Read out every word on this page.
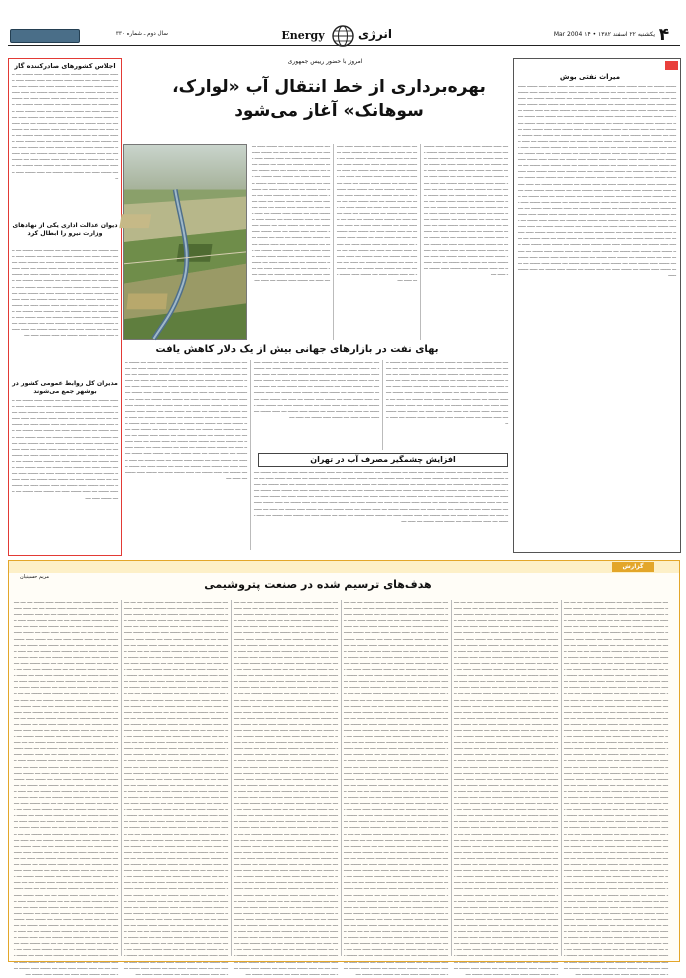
۴
یکشنبه ۲۲ اسفند ۱۳۸۲ • ۱۴ Mar 2004
انرژی
Energy
سال دوم ـ شماره ۳۳۰
میراث نفتی بوش
ــــــــ ــــــــ ــــ ــــــ ــــــــ ــــــ ــــــــ ــــــ ــــــــ ــــــ ــــ ــــــــ ــــــ ــــــ ــــــــ ــــــ ــــــــ ــــ ــــــــ ــــــ ــــــــ ــــــ ــــ ــــــــ ــــــ ــــــــ ــــــ ــــــــ ــــ ــــــــ ــــــ ــــــــ ــــ ــــــ ــــــــ ــــــ ــــــــ ــــ ــــــــ ــــــ ــــ ــــــ ــــــــ ــــ ــــــــ ــــــ ــــــــ ــــ ــــــ ــــــــ ــــــ ــــــ ــــــــ ــــــ ــــــــ ــــ ــــــــ ــــــ ــــــــ ــــــ ــــ ــــــــ ــــــ ــــــــ ــــــ ــــــــ ــــ ــــــــ ــــــ ــــــــ ــــ ــــــ ــــــــ ــــــ ــــــــ ــــ ــــــــ ــــــ ــــ ــــــ ــــــــ ــــ ــــــــ ــــــ ــــــــ ــــ ــــــ ــــــــ ــــــ ــــــ ــــــــ ــــــ ــــــــ ــــ ــــــــ ــــــ ــــــــ ــــــ ــــ ــــــــ ــــــ ــــــــ ــــــ ــــــــ ــــ ــــــــ ــــــ ــــــــ ــــ ــــــ ــــــــ ــــــ ــــــــ ــــ ــــــــ ــــــ ــــ ــــــ ــــــــ ــــ ــــــــ ــــــ ــــــــ ــــ ــــــ ــــــــ ــــــ ــــــ ــــــــ ــــــ ــــــــ ــــ ــــــــ ــــــ ــــــــ ــــــ ــــ ــــــــ ــــــ ــــــــ ــــــ ــــــــ ــــ ــــــــ ــــــ ــــــــ ــــ ــــــ ــــــــ ــــــ ــــــــ ــــ ــــــــ ــــــ ــــ ــــــ ــــــــ ــــ ــــــــ ــــــ ــــــــ ــــ ــــــ ــــــــ ــــــ ــــــ ــــــــ ــــــ ــــــــ ــــ ــــــــ ــــــ ــــــــ ــــــ ــــ ــــــــ ــــــ ــــــــ ــــــ ــــــــ ــــ ــــــــ ــــــ ــــــــ ــــ ــــــ ــــــــ ــــــ ــــــــ ــــ ــــــــ ــــــ ــــ ــــــ ــــــــ ــــ ــــــــ ــــــ ــــــــ ــــ ــــــ ــــــــ ــــــ ــــــ ــــــــ ــــــ ــــــــ ــــ ــــــــ ــــــ ــــــــ ــــــ ــــ ــــــــ ــــــ ــــــــ ــــــ ــــــــ ــــ ــــــــ ــــــ ــــــــ ــــ ــــــ ــــــــ ــــــ ــــــــ ــــ ــــــــ ــــــ ــــ ــــــ ــــــــ ــــ ــــــــ ــــــ ــــــــ ــــ ــــــ ــــــــ ــــــ ــــــ ــــــــ ــــــ ــــــــ ــــ ــــــــ ــــــ ــــــــ ــــــ ــــ ــــــــ ــــــ ــــــــ ــــــ ــــــــ ــــ ــــــــ ــــــ ــــــــ ــــ ــــــ ــــــــ ــــــ ــــــــ ــــ ــــــــ ــــــ ــــ ــــــ ــــــــ ــــ ــــــــ ــــــ ــــــــ ــــ ــــــ ــــــــ ــــــ ــــــ ــــــــ ــــــ ــــــــ ــــ ــــــــ ــــــ ــــــــ ــــــ ــــ ــــــــ ــــــ ــــــــ ــــــ ــــــــ ــــ ــــــــ ــــــ ــــــــ ــــ ــــــ ــــــــ ــــــ ــــــــ ــــ ــــــــ ــــــ ــــ ــــــ ــــــــ ــــ ــــــــ ــــــ ــــــــ ــــ ــــــ ــــــــ ــــــ ــــــ ــــــــ ــــــ ــــــــ ــــ ــــــــ ــــــ ــــــــ ــــــ ــــ ــــــــ ــــــ ــــــــ ــــــ ــــــــ ــــ ــــــــ ــــــ ــــــــ ــــ ــــــ ــــــــ ــــــ ــــــــ ــــ ــــــــ ــــــ ــــ ــــــ ــــــــ ــــ ــــــــ ــــــ ــــــــ ــــ ــــــ ــــــــ ــــــ ــــــ ــــــــ ــــــ ــــــــ ــــ ــــــــ ــــــ ــــــــ ــــــ ــــ ــــــــ ــــــ ــــــــ ــــــ ــــــــ ــــ ــــــــ ــــــ ــــــــ ــــ ــــــ ــــــــ ــــــ ــــــــ ــــ ــــــــ ــــــ ــــ ــــــ ــــــــ ــــ ــــــــ ــــــ ــــــــ ــــ ــــــ ــــــــ ــــــ ــــــ ــــــــ ــــــ ــــــــ ــــ ــــــــ ــــــ ــــــــ ــــــ ــــ ــــــــ ــــــ ــــــــ ــــــ ــــــــ ــــ ــــــــ ــــــ ــــــــ ــــ ــــــ ــــــــ ــــــ ــــــــ ــــ ــــــــ ــــــ ــــ ــــــ ــــــــ ــــ ــــــــ ــــــ ــــــــ ــــ ــــــ ــــــــ ــــــ ــــــ ــــــــ ــــــ ــــــــ ــــ ــــــــ ــــــ ــــــــ ــــــ ــــ ــــــــ ــــــ ــــــــ ــــــ ــــــــ ــــ ــــــــ ــــــ ــــــــ ــــ ــــــ ــــــــ ــــــ ــــــــ ــــ ــــــــ ــــــ ــــ ــــــ ــــــــ ــــ ــــــــ ــــــ ــــــــ ــــ ــــــ ــــــــ ــــــ ــــــ ــــــــ ــــــ ــــــــ ــــ ــــــــ ــــــ ــــــــ ــــــ ــــ ــــــــ ــــــ ــــــــ ــــــ ــــــــ ــــ ــــــــ ــــــ ــــــــ ــــ ــــــ ــــــــ ــــــ ــــــــ ــــ ــــــــ ــــــ ــــ ــــــ ــــــــ ــــ ــــــــ ــــــ ــــــــ ــــ ــــــ ــــــــ ــــــ
اجلاس کشورهای صادرکننده گاز
ــــــ ــــــــ ــــ ــــــ ــــــــ ــــــ ــــ ــــــــ ــــــ ــــــــ ــــ ــــــ ــــــــ ــــــ ــــ ــــــــ ــــــ ــــــــ ــــ ــــــ ــــــــ ــــــ ــــ ــــــــ ــــــ ــــــــ ــــ ــــــ ــــــــ ــــــ ــــ ــــــــ ــــــ ــــــــ ــــ ــــــ ــــــــ ــــــ ــــ ــــــــ ــــــ ــــــــ ــــ ــــــ ــــــــ ــــــ ــــ ــــــــ ــــــ ــــــــ ــــ ــــــ ــــــــ ــــــ ــــ ــــــــ ــــــ ــــــــ ــــ ــــــ ــــــــ ــــــ ــــ ــــــــ ــــــ ــــــــ ــــ ــــــ ــــــــ ــــــ ــــ ــــــــ ــــــ ــــــــ ــــ ــــــ ــــــــ ــــــ ــــ ــــــــ ــــــ ــــــــ ــــ ــــــ ــــــــ ــــــ ــــ ــــــــ ــــــ ــــــــ ــــ ــــــ ــــــــ ــــــ ــــ ــــــــ ــــــ ــــــــ ــــ ــــــ ــــــــ ــــــ ــــ ــــــــ ــــــ ــــــــ ــــ ــــــ ــــــــ ــــــ ــــ ــــــــ ــــــ ــــــــ ــــ ــــــ ــــــــ ــــــ ــــ ــــــــ ــــــ ــــــــ ــــ ــــــ ــــــــ ــــــ ــــ ــــــــ ــــــ ــــــــ ــــ ــــــ ــــــــ ــــــ ــــ ــــــــ ــــــ ــــــــ ــــ ــــــ ــــــــ ــــــ ــــ ــــــــ ــــــ ــــــــ ــــ ــــــ ــــــــ ــــــ ــــ ــــــــ ــــــ ــــــــ ــــ ــــــ ــــــــ ــــــ ــــ ــــــــ ــــــ ــــــــ ــــ ــــــ ــــــــ ــــــ ــــ ــــــــ ــــــ ــــــــ ــــ ــــــ ــــــــ ــــــ ــــ ــــــــ ــــــ ــــــــ ــــ ــــــ ــــــــ ــــــ ــــ ــــــــ ــــــ ــــــــ ــــ ــــــ ــــــــ ــــــ ــــ
دیوان عدالت اداری یکی از نهادهای وزارت نیرو را ابطال کرد
ــــــ ــــــــ ــــ ــــــ ــــــــ ــــــ ــــ ــــــــ ــــــ ــــــــ ــــ ــــــ ــــــــ ــــــ ــــ ــــــــ ــــــ ــــــــ ــــ ــــــ ــــــــ ــــــ ــــ ــــــــ ــــــ ــــــــ ــــ ــــــ ــــــــ ــــــ ــــ ــــــــ ــــــ ــــــــ ــــ ــــــ ــــــــ ــــــ ــــ ــــــــ ــــــ ــــــــ ــــ ــــــ ــــــــ ــــــ ــــ ــــــــ ــــــ ــــــــ ــــ ــــــ ــــــــ ــــــ ــــ ــــــــ ــــــ ــــــــ ــــ ــــــ ــــــــ ــــــ ــــ ــــــــ ــــــ ــــــــ ــــ ــــــ ــــــــ ــــــ ــــ ــــــــ ــــــ ــــــــ ــــ ــــــ ــــــــ ــــــ ــــ ــــــــ ــــــ ــــــــ ــــ ــــــ ــــــــ ــــــ ــــ ــــــــ ــــــ ــــــــ ــــ ــــــ ــــــــ ــــــ ــــ ــــــــ ــــــ ــــــــ ــــ ــــــ ــــــــ ــــــ ــــ ــــــــ ــــــ ــــــــ ــــ ــــــ ــــــــ ــــــ ــــ ــــــــ ــــــ ــــــــ ــــ ــــــ ــــــــ ــــــ ــــ ــــــــ ــــــ ــــــــ ــــ ــــــ ــــــــ ــــــ ــــ ــــــــ ــــــ ــــــــ ــــ ــــــ ــــــــ ــــــ ــــ ــــــــ ــــــ ــــــــ ــــ ــــــ ــــــــ ــــــ ــــ ــــــــ ــــــ ــــــــ ــــ ــــــ ــــــــ ــــــ ــــ ــــــــ ــــــ ــــــــ ــــ ــــــ ــــــــ ــــــ ــــ ــــــــ ــــــ ــــــــ ــــ ــــــ ــــــــ ــــــ ــــ
مدیران کل روابط عمومی کشور در بوشهر جمع می‌شوند
ــــــ ــــــــ ــــ ــــــ ــــــــ ــــــ ــــ ــــــــ ــــــ ــــــــ ــــ ــــــ ــــــــ ــــــ ــــ ــــــــ ــــــ ــــــــ ــــ ــــــ ــــــــ ــــــ ــــ ــــــــ ــــــ ــــــــ ــــ ــــــ ــــــــ ــــــ ــــ ــــــــ ــــــ ــــــــ ــــ ــــــ ــــــــ ــــــ ــــ ــــــــ ــــــ ــــــــ ــــ ــــــ ــــــــ ــــــ ــــ ــــــــ ــــــ ــــــــ ــــ ــــــ ــــــــ ــــــ ــــ ــــــــ ــــــ ــــــــ ــــ ــــــ ــــــــ ــــــ ــــ ــــــــ ــــــ ــــــــ ــــ ــــــ ــــــــ ــــــ ــــ ــــــــ ــــــ ــــــــ ــــ ــــــ ــــــــ ــــــ ــــ ــــــــ ــــــ ــــــــ ــــ ــــــ ــــــــ ــــــ ــــ ــــــــ ــــــ ــــــــ ــــ ــــــ ــــــــ ــــــ ــــ ــــــــ ــــــ ــــــــ ــــ ــــــ ــــــــ ــــــ ــــ ــــــــ ــــــ ــــــــ ــــ ــــــ ــــــــ ــــــ ــــ ــــــــ ــــــ ــــــــ ــــ ــــــ ــــــــ ــــــ ــــ ــــــــ ــــــ ــــــــ ــــ ــــــ ــــــــ ــــــ ــــ ــــــــ ــــــ ــــــــ ــــ ــــــ ــــــــ ــــــ ــــ ــــــــ ــــــ ــــــــ ــــ ــــــ ــــــــ ــــــ ــــ ــــــــ ــــــ ــــــــ ــــ ــــــ ــــــــ ــــــ ــــ ــــــــ ــــــ ــــــــ ــــ ــــــ ــــــــ ــــــ ــــ ــــــــ ــــــ ــــــــ ــــ ــــــ ــــــــ ــــــ ــــ ــــــــ ــــــ ــــــــ ــــ ــــــ ــــــــ ــــــ ــــ ــــــــ ــــــ ــــــــ ــــ ــــــ ــــــــ ــــــ ــــ
امروز با حضور رییس جمهوری
بهره‌برداری از خط انتقال آب «لوارک، سوهانک» آغاز می‌شود
ــــ ــــــ ــــــــ ــــــ ــــــ ــــ ــــــــ ــــــ ــــــــ ــــ ــــــ ــــ ــــــــ ــــــ ــــ ــــــــ ــــــ ــــــــ ــــ ــــــ ــــــــ ــــ ــــــ ــــــــ ــــــ ــــ ــــــــ ــــــ ــــــــ ــــ ــــــ ــــ ــــــــ ــــــ ــــ ــــــــ ــــــ ــــــــ ــــ ــــــ ــــــــ ــــ ــــــ ــــــــ ــــــ ــــ ــــــــ ــــــ ــــــــ ــــ ــــــ ــــ ــــــــ ــــــ ــــ ــــــــ ــــــ ــــــــ ــــ ــــــ ــــــــ ــــ ــــــ ــــــــ ــــــ ــــ ــــــــ ــــــ ــــــــ ــــ ــــــ ــــ ــــــــ ــــــ ــــ ــــــــ ــــــ ــــــــ ــــ ــــــ ــــــــ ــــ ــــــ ــــــــ ــــــ ــــ ــــــــ ــــــ ــــــــ ــــ ــــــ ــــ ــــــــ ــــــ ــــ ــــــــ ــــــ ــــــــ ــــ ــــــ ــــــــ ــــ ــــــ ــــــــ ــــــ ــــ ــــــــ ــــــ ــــــــ ــــ ــــــ ــــ ــــــــ ــــــ ــــ ــــــــ ــــــ ــــــــ ــــ ــــــ ــــــــ ــــ ــــــ ــــــــ ــــــ ــــ ــــــــ ــــــ ــــــــ ــــ ــــــ ــــ ــــــــ ــــــ ــــ ــــــــ ــــــ ــــــــ ــــ ــــــ ــــــــ ــــ ــــــ ــــــــ ــــــ ــــ ــــــــ ــــــ ــــــــ ــــ ــــــ ــــ ــــــــ ــــــ ــــ ــــــــ ــــــ ــــــــ ــــ ــــــ ــــــــ ــــ ــــــ ــــــــ ــــــ ــــ ــــــــ ــــــ ــــــــ ــــ ــــــ ــــ ــــــــ ــــــ ــــ ــــــــ ــــــ ــــــــ ــــ ــــــ ــــــــ ــــ ــــــ ــــــــ ــــــ ــــ ــــــــ ــــــ ــــــــ ــــ ــــــ ــــ
ــــ ــــــ ــــــــ ــــــ ــــــ ــــ ــــــــ ــــــ ــــــــ ــــ ــــــ ــــ ــــــــ ــــــ ــــ ــــــــ ــــــ ــــــــ ــــ ــــــ ــــــــ ــــ ــــــ ــــــــ ــــــ ــــ ــــــــ ــــــ ــــــــ ــــ ــــــ ــــ ــــــــ ــــــ ــــ ــــــــ ــــــ ــــــــ ــــ ــــــ ــــــــ ــــ ــــــ ــــــــ ــــــ ــــ ــــــــ ــــــ ــــــــ ــــ ــــــ ــــ ــــــــ ــــــ ــــ ــــــــ ــــــ ــــــــ ــــ ــــــ ــــــــ ــــ ــــــ ــــــــ ــــــ ــــ ــــــــ ــــــ ــــــــ ــــ ــــــ ــــ ــــــــ ــــــ ــــ ــــــــ ــــــ ــــــــ ــــ ــــــ ــــــــ ــــ ــــــ ــــــــ ــــــ ــــ ــــــــ ــــــ ــــــــ ــــ ــــــ ــــ ــــــــ ــــــ ــــ ــــــــ ــــــ ــــــــ ــــ ــــــ ــــــــ ــــ ــــــ ــــــــ ــــــ ــــ ــــــــ ــــــ ــــــــ ــــ ــــــ ــــ ــــــــ ــــــ ــــ ــــــــ ــــــ ــــــــ ــــ ــــــ ــــــــ ــــ ــــــ ــــــــ ــــــ ــــ ــــــــ ــــــ ــــــــ ــــ ــــــ ــــ ــــــــ ــــــ ــــ ــــــــ ــــــ ــــــــ ــــ ــــــ ــــــــ ــــ ــــــ ــــــــ ــــــ ــــ ــــــــ ــــــ ــــــــ ــــ ــــــ ــــ ــــــــ ــــــ ــــ ــــــــ ــــــ ــــــــ ــــ ــــــ ــــــــ ــــ ــــــ ــــــــ ــــــ ــــ ــــــــ ــــــ ــــــــ ــــ ــــــ ــــ ــــــــ ــــــ ــــ ــــــــ ــــــ ــــــــ ــــ ــــــ ــــــــ ــــ ــــــ ــــــــ ــــــ ــــ ــــــــ ــــــ ــــــــ ــــ ــــــ ــــ
ــــ ــــــ ــــــــ ــــــ ــــــ ــــ ــــــــ ــــــ ــــــــ ــــ ــــــ ــــ ــــــــ ــــــ ــــ ــــــــ ــــــ ــــــــ ــــ ــــــ ــــــــ ــــ ــــــ ــــــــ ــــــ ــــ ــــــــ ــــــ ــــــــ ــــ ــــــ ــــ ــــــــ ــــــ ــــ ــــــــ ــــــ ــــــــ ــــ ــــــ ــــــــ ــــ ــــــ ــــــــ ــــــ ــــ ــــــــ ــــــ ــــــــ ــــ ــــــ ــــ ــــــــ ــــــ ــــ ــــــــ ــــــ ــــــــ ــــ ــــــ ــــــــ ــــ ــــــ ــــــــ ــــــ ــــ ــــــــ ــــــ ــــــــ ــــ ــــــ ــــ ــــــــ ــــــ ــــ ــــــــ ــــــ ــــــــ ــــ ــــــ ــــــــ ــــ ــــــ ــــــــ ــــــ ــــ ــــــــ ــــــ ــــــــ ــــ ــــــ ــــ ــــــــ ــــــ ــــ ــــــــ ــــــ ــــــــ ــــ ــــــ ــــــــ ــــ ــــــ ــــــــ ــــــ ــــ ــــــــ ــــــ ــــــــ ــــ ــــــ ــــ ــــــــ ــــــ ــــ ــــــــ ــــــ ــــــــ ــــ ــــــ ــــــــ ــــ ــــــ ــــــــ ــــــ ــــ ــــــــ ــــــ ــــــــ ــــ ــــــ ــــ ــــــــ ــــــ ــــ ــــــــ ــــــ ــــــــ ــــ ــــــ ــــــــ ــــ ــــــ ــــــــ ــــــ ــــ ــــــــ ــــــ ــــــــ ــــ ــــــ ــــ ــــــــ ــــــ ــــ ــــــــ ــــــ ــــــــ ــــ ــــــ ــــــــ ــــ ــــــ ــــــــ ــــــ ــــ ــــــــ ــــــ ــــــــ ــــ ــــــ ــــ ــــــــ ــــــ ــــ ــــــــ ــــــ ــــــــ ــــ ــــــ ــــــــ ــــ ــــــ ــــــــ ــــــ ــــ ــــــــ ــــــ ــــــــ ــــ ــــــ ــــ
بهای نفت در بازارهای جهانی بیش از یک دلار کاهش یافت
ــــ ــــــ ــــــــ ــــــ ــــــ ــــ ــــــــ ــــــ ــــــــ ــــ ــــــ ــــ ــــــــ ــــــ ــــ ــــــــ ــــــ ــــــــ ــــ ــــــ ــــــــ ــــ ــــــ ــــــــ ــــــ ــــ ــــــــ ــــــ ــــــــ ــــ ــــــ ــــ ــــــــ ــــــ ــــ ــــــــ ــــــ ــــــــ ــــ ــــــ ــــــــ ــــ ــــــ ــــــــ ــــــ ــــ ــــــــ ــــــ ــــــــ ــــ ــــــ ــــ ــــــــ ــــــ ــــ ــــــــ ــــــ ــــــــ ــــ ــــــ ــــــــ ــــ ــــــ ــــــــ ــــــ ــــ ــــــــ ــــــ ــــــــ ــــ ــــــ ــــ ــــــــ ــــــ ــــ ــــــــ ــــــ ــــــــ ــــ ــــــ ــــــــ ــــ ــــــ ــــــــ ــــــ ــــ ــــــــ ــــــ ــــــــ ــــ ــــــ ــــ ــــــــ ــــــ ــــ ــــــــ ــــــ ــــــــ ــــ ــــــ ــــــــ ــــ ــــــ ــــــــ ــــــ ــــ ــــــــ ــــــ ــــــــ ــــ ــــــ ــــ ــــــــ ــــــ ــــ ــــــــ ــــــ ــــــــ ــــ ــــــ ــــــــ ــــ ــــــ ــــــــ ــــــ ــــ ــــــــ ــــــ ــــــــ ــــ ــــــ ــــ ــــــــ ــــــ ــــ ــــــــ ــــــ ــــــــ ــــ ــــــ ــــــــ ــــ ــــــ ــــــــ ــــــ ــــ ــــــــ ــــــ ــــــــ ــــ ــــــ ــــ ــــــــ ــــــ ــــ ــــــــ ــــــ ــــــــ ــــ ــــــ ــــــــ ــــ ــــــ ــــــــ ــــــ ــــ ــــــــ ــــــ ــــــــ ــــ ــــــ ــــ ــــــــ ــــــ ــــ ــــــــ ــــــ ــــــــ ــــ ــــــ ــــــــ ــــ ــــــ ــــــــ ــــــ ــــ ــــــــ ــــــ ــــــــ ــــ ــــــ ــــ ــــــــ ــــــ ــــ ــــــــ ــــــ ــــــــ ــــ ــــــ ــــــــ ــــ ــــــ ــــــــ ــــــ ــــ ــــــــ ــــــ ــــــــ ــــ ــــــ ــــ ــــــــ ــــــ ــــ ــــــــ ــــــ ــــــــ ــــ ــــــ ــــــــ ــــ ــــــ ــــــــ ــــــ ــــ ــــــــ ــــــ ــــــــ ــــ ــــــ ــــ ــــــــ ــــــ ــــ ــــــــ ــــــ ــــــــ ــــ ــــــ ــــــــ ــــ ــــــ ــــــــ ــــــ ــــ ــــــــ ــــــ ــــــــ ــــ ــــــ ــــ
ــــ ــــــ ــــــــ ــــــ ــــــ ــــ ــــــــ ــــــ ــــــــ ــــ ــــــ ــــ ــــــــ ــــــ ــــ ــــــــ ــــــ ــــــــ ــــ ــــــ ــــــــ ــــ ــــــ ــــــــ ــــــ ــــ ــــــــ ــــــ ــــــــ ــــ ــــــ ــــ ــــــــ ــــــ ــــ ــــــــ ــــــ ــــــــ ــــ ــــــ ــــــــ ــــ ــــــ ــــــــ ــــــ ــــ ــــــــ ــــــ ــــــــ ــــ ــــــ ــــ ــــــــ ــــــ ــــ ــــــــ ــــــ ــــــــ ــــ ــــــ ــــــــ ــــ ــــــ ــــــــ ــــــ ــــ ــــــــ ــــــ ــــــــ ــــ ــــــ ــــ ــــــــ ــــــ ــــ ــــــــ ــــــ ــــــــ ــــ ــــــ ــــــــ ــــ ــــــ ــــــــ ــــــ ــــ ــــــــ ــــــ ــــــــ ــــ ــــــ ــــ ــــــــ ــــــ ــــ ــــــــ ــــــ ــــــــ ــــ ــــــ ــــــــ ــــ ــــــ ــــــــ ــــــ ــــ ــــــــ ــــــ ــــــــ ــــ ــــــ ــــ ــــــــ ــــــ ــــ ــــــــ ــــــ ــــــــ ــــ ــــــ ــــــــ ــــ ــــــ ــــــــ ــــــ ــــ ــــــــ ــــــ ــــــــ ــــ ــــــ ــــ
ــــ ــــــ ــــــــ ــــــ ــــــ ــــ ــــــــ ــــــ ــــــــ ــــ ــــــ ــــ ــــــــ ــــــ ــــ ــــــــ ــــــ ــــــــ ــــ ــــــ ــــــــ ــــ ــــــ ــــــــ ــــــ ــــ ــــــــ ــــــ ــــــــ ــــ ــــــ ــــ ــــــــ ــــــ ــــ ــــــــ ــــــ ــــــــ ــــ ــــــ ــــــــ ــــ ــــــ ــــــــ ــــــ ــــ ــــــــ ــــــ ــــــــ ــــ ــــــ ــــ ــــــــ ــــــ ــــ ــــــــ ــــــ ــــــــ ــــ ــــــ ــــــــ ــــ ــــــ ــــــــ ــــــ ــــ ــــــــ ــــــ ــــــــ ــــ ــــــ ــــ ــــــــ ــــــ ــــ ــــــــ ــــــ ــــــــ ــــ ــــــ ــــــــ ــــ ــــــ ــــــــ ــــــ ــــ ــــــــ ــــــ ــــــــ ــــ ــــــ ــــ ــــــــ ــــــ ــــ ــــــــ ــــــ ــــــــ ــــ ــــــ ــــــــ ــــ ــــــ ــــــــ ــــــ ــــ ــــــــ ــــــ ــــــــ ــــ ــــــ ــــ ــــــــ ــــــ ــــ ــــــــ ــــــ ــــــــ ــــ ــــــ ــــــــ ــــ ــــــ ــــــــ ــــــ ــــ ــــــــ ــــــ ــــــــ ــــ ــــــ ــــ
افزایش چشمگیر مصرف آب در تهران
ــــ ــــــ ــــــــ ــــــ ــــــ ــــ ــــــــ ــــــ ــــــــ ــــ ــــــ ــــ ــــــــ ــــــ ــــ ــــــــ ــــــ ــــــــ ــــ ــــــ ــــــــ ــــ ــــــ ــــــــ ــــــ ــــ ــــــــ ــــــ ــــــــ ــــ ــــــ ــــ ــــــــ ــــــ ــــ ــــــــ ــــــ ــــــــ ــــ ــــــ ــــــــ ــــ ــــــ ــــــــ ــــــ ــــ ــــــــ ــــــ ــــــــ ــــ ــــــ ــــ ــــــــ ــــــ ــــ ــــــــ ــــــ ــــــــ ــــ ــــــ ــــــــ ــــ ــــــ ــــــــ ــــــ ــــ ــــــــ ــــــ ــــــــ ــــ ــــــ ــــ ــــــــ ــــــ ــــ ــــــــ ــــــ ــــــــ ــــ ــــــ ــــــــ ــــ ــــــ ــــــــ ــــــ ــــ ــــــــ ــــــ ــــــــ ــــ ــــــ ــــ ــــــــ ــــــ ــــ ــــــــ ــــــ ــــــــ ــــ ــــــ ــــــــ ــــ ــــــ ــــــــ ــــــ ــــ ــــــــ ــــــ ــــــــ ــــ ــــــ ــــ ــــــــ ــــــ ــــ ــــــــ ــــــ ــــــــ ــــ ــــــ ــــــــ ــــ ــــــ ــــــــ ــــــ ــــ ــــــــ ــــــ ــــــــ ــــ ــــــ ــــ ــــــــ ــــــ ــــ ــــــــ ــــــ ــــــــ ــــ ــــــ ــــــــ ــــ ــــــ ــــــــ ــــــ ــــ ــــــــ ــــــ ــــــــ ــــ ــــــ ــــ ــــــــ ــــــ ــــ ــــــــ ــــــ ــــــــ ــــ ــــــ ــــــــ ــــ ــــــ ــــــــ ــــــ ــــ ــــــــ ــــــ ــــــــ ــــ ــــــ ــــ ــــــــ ــــــ ــــ ــــــــ ــــــ ــــــــ ــــ ــــــ ــــــــ ــــ ــــــ ــــــــ ــــــ ــــ ــــــــ ــــــ ــــــــ ــــ ــــــ ــــ ــــــــ ــــــ ــــ ــــــــ ــــــ ــــــــ ــــ ــــــ ــــــــ ــــ ــــــ ــــــــ ــــــ ــــ ــــــــ ــــــ ــــــــ ــــ ــــــ ــــ ــــــــ ــــــ ــــ ــــــــ ــــــ ــــــــ ــــ ــــــ ــــــــ ــــ ــــــ ــــــــ ــــــ ــــ ــــــــ ــــــ ــــــــ ــــ ــــــ ــــ
گزارش
هدف‌های ترسیم شده در صنعت پتروشیمی
مریم حسینیان
ــــ ــــــ ــــــــ ــــــ ــــــ ــــ ــــــــ ــــــ ــــــــ ــــ ــــ ــــــ ــــــــ ــــــ ــــــ ــــ ــــــــ ــــــ ــــــــ ــــ ــــ ــــــ ــــــــ ــــــ ــــــ ــــ ــــــــ ــــــ ــــــــ ــــ ــــ ــــــ ــــــــ ــــــ ــــــ ــــ ــــــــ ــــــ ــــــــ ــــ ــــ ــــــ ــــــــ ــــــ ــــــ ــــ ــــــــ ــــــ ــــــــ ــــ ــــ ــــــ ــــــــ ــــــ ــــــ ــــ ــــــــ ــــــ ــــــــ ــــ ــــ ــــــ ــــــــ ــــــ ــــــ ــــ ــــــــ ــــــ ــــــــ ــــ ــــ ــــــ ــــــــ ــــــ ــــــ ــــ ــــــــ ــــــ ــــــــ ــــ ــــ ــــــ ــــــــ ــــــ ــــــ ــــ ــــــــ ــــــ ــــــــ ــــ ــــ ــــــ ــــــــ ــــــ ــــــ ــــ ــــــــ ــــــ ــــــــ ــــ ــــ ــــــ ــــــــ ــــــ ــــــ ــــ ــــــــ ــــــ ــــــــ ــــ ــــ ــــــ ــــــــ ــــــ ــــــ ــــ ــــــــ ــــــ ــــــــ ــــ ــــ ــــــ ــــــــ ــــــ ــــــ ــــ ــــــــ ــــــ ــــــــ ــــ ــــ ــــــ ــــــــ ــــــ ــــــ ــــ ــــــــ ــــــ ــــــــ ــــ ــــ ــــــ ــــــــ ــــــ ــــــ ــــ ــــــــ ــــــ ــــــــ ــــ ــــ ــــــ ــــــــ ــــــ ــــــ ــــ ــــــــ ــــــ ــــــــ ــــ ــــ ــــــ ــــــــ ــــــ ــــــ ــــ ــــــــ ــــــ ــــــــ ــــ ــــ ــــــ ــــــــ ــــــ ــــــ ــــ ــــــــ ــــــ ــــــــ ــــ ــــ ــــــ ــــــــ ــــــ ــــــ ــــ ــــــــ ــــــ ــــــــ ــــ ــــ ــــــ ــــــــ ــــــ ــــــ ــــ ــــــــ ــــــ ــــــــ ــــ ــــ ــــــ ــــــــ ــــــ ــــــ ــــ ــــــــ ــــــ ــــــــ ــــ ــــ ــــــ ــــــــ ــــــ ــــــ ــــ ــــــــ ــــــ ــــــــ ــــ ــــ ــــــ ــــــــ ــــــ ــــــ ــــ ــــــــ ــــــ ــــــــ ــــ ــــ ــــــ ــــــــ ــــــ ــــــ ــــ ــــــــ ــــــ ــــــــ ــــ ــــ ــــــ ــــــــ ــــــ ــــــ ــــ ــــــــ ــــــ ــــــــ ــــ ــــ ــــــ ــــــــ ــــــ ــــــ ــــ ــــــــ ــــــ ــــــــ ــــ ــــ ــــــ ــــــــ ــــــ ــــــ ــــ ــــــــ ــــــ ــــــــ ــــ ــــ ــــــ ــــــــ ــــــ ــــــ ــــ ــــــــ ــــــ ــــــــ ــــ ــــ ــــــ ــــــــ ــــــ ــــــ ــــ ــــــــ ــــــ ــــــــ ــــ ــــ ــــــ ــــــــ ــــــ ــــــ ــــ ــــــــ ــــــ ــــــــ ــــ ــــ ــــــ ــــــــ ــــــ ــــــ ــــ ــــــــ ــــــ ــــــــ ــــ ــــ ــــــ ــــــــ ــــــ ــــــ ــــ ــــــــ ــــــ ــــــــ ــــ ــــ ــــــ ــــــــ ــــــ ــــــ ــــ ــــــــ ــــــ ــــــــ ــــ ــــ ــــــ ــــــــ ــــــ ــــــ ــــ ــــــــ ــــــ ــــــــ ــــ ــــ ــــــ ــــــــ ــــــ ــــــ ــــ ــــــــ ــــــ ــــــــ ــــ ــــ ــــــ ــــــــ ــــــ ــــــ ــــ ــــــــ ــــــ ــــــــ ــــ ــــ ــــــ ــــــــ ــــــ ــــــ ــــ ــــــــ ــــــ ــــــــ ــــ ــــ ــــــ ــــــــ ــــــ ــــــ ــــ ــــــــ ــــــ ــــــــ ــــ ــــ ــــــ ــــــــ ــــــ ــــــ ــــ ــــــــ ــــــ ــــــــ ــــ ــــ ــــــ ــــــــ ــــــ ــــــ ــــ ــــــــ ــــــ ــــــــ ــــ ــــ ــــــ ــــــــ ــــــ ــــــ ــــ ــــــــ ــــــ ــــــــ ــــ ــــ ــــــ ــــــــ ــــــ ــــــ ــــ ــــــــ ــــــ ــــــــ ــــ ــــ ــــــ ــــــــ ــــــ ــــــ ــــ ــــــــ ــــــ ــــــــ ــــ ــــ ــــــ ــــــــ ــــــ ــــــ ــــ ــــــــ ــــــ ــــــــ ــــ ــــ ــــــ ــــــــ ــــــ ــــــ ــــ ــــــــ ــــــ ــــــــ ــــ ــــ ــــــ ــــــــ ــــــ ــــــ ــــ ــــــــ ــــــ ــــــــ ــــ ــــ ــــــ ــــــــ ــــــ ــــــ ــــ ــــــــ ــــــ ــــــــ ــــ ــــ ــــــ ــــــــ ــــــ ــــــ ــــ ــــــــ ــــــ ــــــــ ــــ ــــ ــــــ ــــــــ ــــــ ــــــ ــــ ــــــــ ــــــ ــــــــ ــــ ــــ ــــــ ــــــــ ــــــ ــــــ ــــ ــــــــ ــــــ ــــــــ ــــ ــــ ــــــ ــــــــ ــــــ ــــــ ــــ ــــــــ ــــــ ــــــــ ــــ ــــ ــــــ ــــــــ ــــــ ــــــ ــــ ــــــــ ــــــ ــــــــ ــــ ــــ ــــــ ــــــــ ــــــ ــــــ ــــ ــــــــ ــــــ ــــــــ ــــ ــــ ــــــ ــــــــ ــــــ ــــــ ــــ ــــــــ ــــــ ــــــــ ــــ ــــ ــــــ ــــــــ ــــــ ــــــ ــــ ــــــــ ــــــ ــــــــ ــــ ــــ ــــــ ــــــــ ــــــ ــــــ ــــ ــــــــ ــــــ ــــــــ ــــ ــــ ــــــ ــــــــ ــــــ ــــــ ــــ ــــــــ ــــــ ــــــــ ــــ ــــ ــــــ ــــــــ ــــــ ــــــ ــــ ــــــــ ــــــ ــــــــ ــــ ــــ ــــــ ــــــــ ــــــ ــــــ ــــ ــــــــ ــــــ ــــــــ ــــ ــــ ــــــ ــــــــ ــــــ ــــــ ــــ ــــــــ ــــــ ــــــــ ــــ ــــ ــــــ ــــــــ ــــــ ــــــ ــــ ــــــــ ــــــ ــــــــ ــــ ــــ ــــــ ــــــــ ــــــ ــــــ ــــ ــــــــ ــــــ ــــــــ ــــ ــــ ــــــ ــــــــ ــــــ ــــــ ــــ ــــــــ ــــــ ــــــــ ــــ ــــ ــــــ ــــــــ ــــــ ــــــ ــــ ــــــــ ــــــ ــــــــ ــــ ــــ ــــــ ــــــــ ــــــ ــــــ ــــ ــــــــ ــــــ ــــــــ ــــ ــــ ــــــ ــــــــ ــــــ ــــــ ــــ ــــــــ ــــــ ــــــــ ــــ ــــ ــــــ ــــــــ ــــــ ــــــ ــــ ــــــــ ــــــ ــــــــ ــــ ــــ ــــــ ــــــــ ــــــ ــــــ ــــ ــــــــ ــــــ ــــــــ ــــ ــــ ــــــ ــــــــ ــــــ ــــــ ــــ ــــــــ ــــــ ــــــــ ــــ ــــ ــــــ ــــــــ ــــــ ــــــ ــــ ــــــــ ــــــ ــــــــ ــــ
ــــ ــــــ ــــــــ ــــــ ــــــ ــــ ــــــــ ــــــ ــــــــ ــــ ــــ ــــــ ــــــــ ــــــ ــــــ ــــ ــــــــ ــــــ ــــــــ ــــ ــــ ــــــ ــــــــ ــــــ ــــــ ــــ ــــــــ ــــــ ــــــــ ــــ ــــ ــــــ ــــــــ ــــــ ــــــ ــــ ــــــــ ــــــ ــــــــ ــــ ــــ ــــــ ــــــــ ــــــ ــــــ ــــ ــــــــ ــــــ ــــــــ ــــ ــــ ــــــ ــــــــ ــــــ ــــــ ــــ ــــــــ ــــــ ــــــــ ــــ ــــ ــــــ ــــــــ ــــــ ــــــ ــــ ــــــــ ــــــ ــــــــ ــــ ــــ ــــــ ــــــــ ــــــ ــــــ ــــ ــــــــ ــــــ ــــــــ ــــ ــــ ــــــ ــــــــ ــــــ ــــــ ــــ ــــــــ ــــــ ــــــــ ــــ ــــ ــــــ ــــــــ ــــــ ــــــ ــــ ــــــــ ــــــ ــــــــ ــــ ــــ ــــــ ــــــــ ــــــ ــــــ ــــ ــــــــ ــــــ ــــــــ ــــ ــــ ــــــ ــــــــ ــــــ ــــــ ــــ ــــــــ ــــــ ــــــــ ــــ ــــ ــــــ ــــــــ ــــــ ــــــ ــــ ــــــــ ــــــ ــــــــ ــــ ــــ ــــــ ــــــــ ــــــ ــــــ ــــ ــــــــ ــــــ ــــــــ ــــ ــــ ــــــ ــــــــ ــــــ ــــــ ــــ ــــــــ ــــــ ــــــــ ــــ ــــ ــــــ ــــــــ ــــــ ــــــ ــــ ــــــــ ــــــ ــــــــ ــــ ــــ ــــــ ــــــــ ــــــ ــــــ ــــ ــــــــ ــــــ ــــــــ ــــ ــــ ــــــ ــــــــ ــــــ ــــــ ــــ ــــــــ ــــــ ــــــــ ــــ ــــ ــــــ ــــــــ ــــــ ــــــ ــــ ــــــــ ــــــ ــــــــ ــــ ــــ ــــــ ــــــــ ــــــ ــــــ ــــ ــــــــ ــــــ ــــــــ ــــ ــــ ــــــ ــــــــ ــــــ ــــــ ــــ ــــــــ ــــــ ــــــــ ــــ ــــ ــــــ ــــــــ ــــــ ــــــ ــــ ــــــــ ــــــ ــــــــ ــــ ــــ ــــــ ــــــــ ــــــ ــــــ ــــ ــــــــ ــــــ ــــــــ ــــ ــــ ــــــ ــــــــ ــــــ ــــــ ــــ ــــــــ ــــــ ــــــــ ــــ ــــ ــــــ ــــــــ ــــــ ــــــ ــــ ــــــــ ــــــ ــــــــ ــــ ــــ ــــــ ــــــــ ــــــ ــــــ ــــ ــــــــ ــــــ ــــــــ ــــ ــــ ــــــ ــــــــ ــــــ ــــــ ــــ ــــــــ ــــــ ــــــــ ــــ ــــ ــــــ ــــــــ ــــــ ــــــ ــــ ــــــــ ــــــ ــــــــ ــــ ــــ ــــــ ــــــــ ــــــ ــــــ ــــ ــــــــ ــــــ ــــــــ ــــ ــــ ــــــ ــــــــ ــــــ ــــــ ــــ ــــــــ ــــــ ــــــــ ــــ ــــ ــــــ ــــــــ ــــــ ــــــ ــــ ــــــــ ــــــ ــــــــ ــــ ــــ ــــــ ــــــــ ــــــ ــــــ ــــ ــــــــ ــــــ ــــــــ ــــ ــــ ــــــ ــــــــ ــــــ ــــــ ــــ ــــــــ ــــــ ــــــــ ــــ ــــ ــــــ ــــــــ ــــــ ــــــ ــــ ــــــــ ــــــ ــــــــ ــــ ــــ ــــــ ــــــــ ــــــ ــــــ ــــ ــــــــ ــــــ ــــــــ ــــ ــــ ــــــ ــــــــ ــــــ ــــــ ــــ ــــــــ ــــــ ــــــــ ــــ ــــ ــــــ ــــــــ ــــــ ــــــ ــــ ــــــــ ــــــ ــــــــ ــــ ــــ ــــــ ــــــــ ــــــ ــــــ ــــ ــــــــ ــــــ ــــــــ ــــ ــــ ــــــ ــــــــ ــــــ ــــــ ــــ ــــــــ ــــــ ــــــــ ــــ ــــ ــــــ ــــــــ ــــــ ــــــ ــــ ــــــــ ــــــ ــــــــ ــــ ــــ ــــــ ــــــــ ــــــ ــــــ ــــ ــــــــ ــــــ ــــــــ ــــ ــــ ــــــ ــــــــ ــــــ ــــــ ــــ ــــــــ ــــــ ــــــــ ــــ ــــ ــــــ ــــــــ ــــــ ــــــ ــــ ــــــــ ــــــ ــــــــ ــــ ــــ ــــــ ــــــــ ــــــ ــــــ ــــ ــــــــ ــــــ ــــــــ ــــ ــــ ــــــ ــــــــ ــــــ ــــــ ــــ ــــــــ ــــــ ــــــــ ــــ ــــ ــــــ ــــــــ ــــــ ــــــ ــــ ــــــــ ــــــ ــــــــ ــــ ــــ ــــــ ــــــــ ــــــ ــــــ ــــ ــــــــ ــــــ ــــــــ ــــ ــــ ــــــ ــــــــ ــــــ ــــــ ــــ ــــــــ ــــــ ــــــــ ــــ ــــ ــــــ ــــــــ ــــــ ــــــ ــــ ــــــــ ــــــ ــــــــ ــــ ــــ ــــــ ــــــــ ــــــ ــــــ ــــ ــــــــ ــــــ ــــــــ ــــ ــــ ــــــ ــــــــ ــــــ ــــــ ــــ ــــــــ ــــــ ــــــــ ــــ ــــ ــــــ ــــــــ ــــــ ــــــ ــــ ــــــــ ــــــ ــــــــ ــــ ــــ ــــــ ــــــــ ــــــ ــــــ ــــ ــــــــ ــــــ ــــــــ ــــ ــــ ــــــ ــــــــ ــــــ ــــــ ــــ ــــــــ ــــــ ــــــــ ــــ ــــ ــــــ ــــــــ ــــــ ــــــ ــــ ــــــــ ــــــ ــــــــ ــــ ــــ ــــــ ــــــــ ــــــ ــــــ ــــ ــــــــ ــــــ ــــــــ ــــ ــــ ــــــ ــــــــ ــــــ ــــــ ــــ ــــــــ ــــــ ــــــــ ــــ ــــ ــــــ ــــــــ ــــــ ــــــ ــــ ــــــــ ــــــ ــــــــ ــــ ــــ ــــــ ــــــــ ــــــ ــــــ ــــ ــــــــ ــــــ ــــــــ ــــ ــــ ــــــ ــــــــ ــــــ ــــــ ــــ ــــــــ ــــــ ــــــــ ــــ ــــ ــــــ ــــــــ ــــــ ــــــ ــــ ــــــــ ــــــ ــــــــ ــــ ــــ ــــــ ــــــــ ــــــ ــــــ ــــ ــــــــ ــــــ ــــــــ ــــ ــــ ــــــ ــــــــ ــــــ ــــــ ــــ ــــــــ ــــــ ــــــــ ــــ ــــ ــــــ ــــــــ ــــــ ــــــ ــــ ــــــــ ــــــ ــــــــ ــــ ــــ ــــــ ــــــــ ــــــ ــــــ ــــ ــــــــ ــــــ ــــــــ ــــ ــــ ــــــ ــــــــ ــــــ ــــــ ــــ ــــــــ ــــــ ــــــــ ــــ ــــ ــــــ ــــــــ ــــــ ــــــ ــــ ــــــــ ــــــ ــــــــ ــــ ــــ ــــــ ــــــــ ــــــ ــــــ ــــ ــــــــ ــــــ ــــــــ ــــ ــــ ــــــ ــــــــ ــــــ ــــــ ــــ ــــــــ ــــــ ــــــــ ــــ ــــ ــــــ ــــــــ ــــــ ــــــ ــــ ــــــــ ــــــ ــــــــ ــــ
ــــ ــــــ ــــــــ ــــــ ــــــ ــــ ــــــــ ــــــ ــــــــ ــــ ــــ ــــــ ــــــــ ــــــ ــــــ ــــ ــــــــ ــــــ ــــــــ ــــ ــــ ــــــ ــــــــ ــــــ ــــــ ــــ ــــــــ ــــــ ــــــــ ــــ ــــ ــــــ ــــــــ ــــــ ــــــ ــــ ــــــــ ــــــ ــــــــ ــــ ــــ ــــــ ــــــــ ــــــ ــــــ ــــ ــــــــ ــــــ ــــــــ ــــ ــــ ــــــ ــــــــ ــــــ ــــــ ــــ ــــــــ ــــــ ــــــــ ــــ ــــ ــــــ ــــــــ ــــــ ــــــ ــــ ــــــــ ــــــ ــــــــ ــــ ــــ ــــــ ــــــــ ــــــ ــــــ ــــ ــــــــ ــــــ ــــــــ ــــ ــــ ــــــ ــــــــ ــــــ ــــــ ــــ ــــــــ ــــــ ــــــــ ــــ ــــ ــــــ ــــــــ ــــــ ــــــ ــــ ــــــــ ــــــ ــــــــ ــــ ــــ ــــــ ــــــــ ــــــ ــــــ ــــ ــــــــ ــــــ ــــــــ ــــ ــــ ــــــ ــــــــ ــــــ ــــــ ــــ ــــــــ ــــــ ــــــــ ــــ ــــ ــــــ ــــــــ ــــــ ــــــ ــــ ــــــــ ــــــ ــــــــ ــــ ــــ ــــــ ــــــــ ــــــ ــــــ ــــ ــــــــ ــــــ ــــــــ ــــ ــــ ــــــ ــــــــ ــــــ ــــــ ــــ ــــــــ ــــــ ــــــــ ــــ ــــ ــــــ ــــــــ ــــــ ــــــ ــــ ــــــــ ــــــ ــــــــ ــــ ــــ ــــــ ــــــــ ــــــ ــــــ ــــ ــــــــ ــــــ ــــــــ ــــ ــــ ــــــ ــــــــ ــــــ ــــــ ــــ ــــــــ ــــــ ــــــــ ــــ ــــ ــــــ ــــــــ ــــــ ــــــ ــــ ــــــــ ــــــ ــــــــ ــــ ــــ ــــــ ــــــــ ــــــ ــــــ ــــ ــــــــ ــــــ ــــــــ ــــ ــــ ــــــ ــــــــ ــــــ ــــــ ــــ ــــــــ ــــــ ــــــــ ــــ ــــ ــــــ ــــــــ ــــــ ــــــ ــــ ــــــــ ــــــ ــــــــ ــــ ــــ ــــــ ــــــــ ــــــ ــــــ ــــ ــــــــ ــــــ ــــــــ ــــ ــــ ــــــ ــــــــ ــــــ ــــــ ــــ ــــــــ ــــــ ــــــــ ــــ ــــ ــــــ ــــــــ ــــــ ــــــ ــــ ــــــــ ــــــ ــــــــ ــــ ــــ ــــــ ــــــــ ــــــ ــــــ ــــ ــــــــ ــــــ ــــــــ ــــ ــــ ــــــ ــــــــ ــــــ ــــــ ــــ ــــــــ ــــــ ــــــــ ــــ ــــ ــــــ ــــــــ ــــــ ــــــ ــــ ــــــــ ــــــ ــــــــ ــــ ــــ ــــــ ــــــــ ــــــ ــــــ ــــ ــــــــ ــــــ ــــــــ ــــ ــــ ــــــ ــــــــ ــــــ ــــــ ــــ ــــــــ ــــــ ــــــــ ــــ ــــ ــــــ ــــــــ ــــــ ــــــ ــــ ــــــــ ــــــ ــــــــ ــــ ــــ ــــــ ــــــــ ــــــ ــــــ ــــ ــــــــ ــــــ ــــــــ ــــ ــــ ــــــ ــــــــ ــــــ ــــــ ــــ ــــــــ ــــــ ــــــــ ــــ ــــ ــــــ ــــــــ ــــــ ــــــ ــــ ــــــــ ــــــ ــــــــ ــــ ــــ ــــــ ــــــــ ــــــ ــــــ ــــ ــــــــ ــــــ ــــــــ ــــ ــــ ــــــ ــــــــ ــــــ ــــــ ــــ ــــــــ ــــــ ــــــــ ــــ ــــ ــــــ ــــــــ ــــــ ــــــ ــــ ــــــــ ــــــ ــــــــ ــــ ــــ ــــــ ــــــــ ــــــ ــــــ ــــ ــــــــ ــــــ ــــــــ ــــ ــــ ــــــ ــــــــ ــــــ ــــــ ــــ ــــــــ ــــــ ــــــــ ــــ ــــ ــــــ ــــــــ ــــــ ــــــ ــــ ــــــــ ــــــ ــــــــ ــــ ــــ ــــــ ــــــــ ــــــ ــــــ ــــ ــــــــ ــــــ ــــــــ ــــ ــــ ــــــ ــــــــ ــــــ ــــــ ــــ ــــــــ ــــــ ــــــــ ــــ ــــ ــــــ ــــــــ ــــــ ــــــ ــــ ــــــــ ــــــ ــــــــ ــــ ــــ ــــــ ــــــــ ــــــ ــــــ ــــ ــــــــ ــــــ ــــــــ ــــ ــــ ــــــ ــــــــ ــــــ ــــــ ــــ ــــــــ ــــــ ــــــــ ــــ ــــ ــــــ ــــــــ ــــــ ــــــ ــــ ــــــــ ــــــ ــــــــ ــــ ــــ ــــــ ــــــــ ــــــ ــــــ ــــ ــــــــ ــــــ ــــــــ ــــ ــــ ــــــ ــــــــ ــــــ ــــــ ــــ ــــــــ ــــــ ــــــــ ــــ ــــ ــــــ ــــــــ ــــــ ــــــ ــــ ــــــــ ــــــ ــــــــ ــــ ــــ ــــــ ــــــــ ــــــ ــــــ ــــ ــــــــ ــــــ ــــــــ ــــ ــــ ــــــ ــــــــ ــــــ ــــــ ــــ ــــــــ ــــــ ــــــــ ــــ ــــ ــــــ ــــــــ ــــــ ــــــ ــــ ــــــــ ــــــ ــــــــ ــــ ــــ ــــــ ــــــــ ــــــ ــــــ ــــ ــــــــ ــــــ ــــــــ ــــ ــــ ــــــ ــــــــ ــــــ ــــــ ــــ ــــــــ ــــــ ــــــــ ــــ ــــ ــــــ ــــــــ ــــــ ــــــ ــــ ــــــــ ــــــ ــــــــ ــــ ــــ ــــــ ــــــــ ــــــ ــــــ ــــ ــــــــ ــــــ ــــــــ ــــ ــــ ــــــ ــــــــ ــــــ ــــــ ــــ ــــــــ ــــــ ــــــــ ــــ ــــ ــــــ ــــــــ ــــــ ــــــ ــــ ــــــــ ــــــ ــــــــ ــــ ــــ ــــــ ــــــــ ــــــ ــــــ ــــ ــــــــ ــــــ ــــــــ ــــ ــــ ــــــ ــــــــ ــــــ ــــــ ــــ ــــــــ ــــــ ــــــــ ــــ ــــ ــــــ ــــــــ ــــــ ــــــ ــــ ــــــــ ــــــ ــــــــ ــــ ــــ ــــــ ــــــــ ــــــ ــــــ ــــ ــــــــ ــــــ ــــــــ ــــ ــــ ــــــ ــــــــ ــــــ ــــــ ــــ ــــــــ ــــــ ــــــــ ــــ ــــ ــــــ ــــــــ ــــــ ــــــ ــــ ــــــــ ــــــ ــــــــ ــــ ــــ ــــــ ــــــــ ــــــ ــــــ ــــ ــــــــ ــــــ ــــــــ ــــ ــــ ــــــ ــــــــ ــــــ ــــــ ــــ ــــــــ ــــــ ــــــــ ــــ ــــ ــــــ ــــــــ ــــــ ــــــ ــــ ــــــــ ــــــ ــــــــ ــــ ــــ ــــــ ــــــــ ــــــ ــــــ ــــ ــــــــ ــــــ ــــــــ ــــ ــــ ــــــ ــــــــ ــــــ ــــــ ــــ ــــــــ ــــــ ــــــــ ــــ ــــ ــــــ ــــــــ ــــــ ــــــ ــــ ــــــــ ــــــ ــــــــ ــــ
ــــ ــــــ ــــــــ ــــــ ــــــ ــــ ــــــــ ــــــ ــــــــ ــــ ــــ ــــــ ــــــــ ــــــ ــــــ ــــ ــــــــ ــــــ ــــــــ ــــ ــــ ــــــ ــــــــ ــــــ ــــــ ــــ ــــــــ ــــــ ــــــــ ــــ ــــ ــــــ ــــــــ ــــــ ــــــ ــــ ــــــــ ــــــ ــــــــ ــــ ــــ ــــــ ــــــــ ــــــ ــــــ ــــ ــــــــ ــــــ ــــــــ ــــ ــــ ــــــ ــــــــ ــــــ ــــــ ــــ ــــــــ ــــــ ــــــــ ــــ ــــ ــــــ ــــــــ ــــــ ــــــ ــــ ــــــــ ــــــ ــــــــ ــــ ــــ ــــــ ــــــــ ــــــ ــــــ ــــ ــــــــ ــــــ ــــــــ ــــ ــــ ــــــ ــــــــ ــــــ ــــــ ــــ ــــــــ ــــــ ــــــــ ــــ ــــ ــــــ ــــــــ ــــــ ــــــ ــــ ــــــــ ــــــ ــــــــ ــــ ــــ ــــــ ــــــــ ــــــ ــــــ ــــ ــــــــ ــــــ ــــــــ ــــ ــــ ــــــ ــــــــ ــــــ ــــــ ــــ ــــــــ ــــــ ــــــــ ــــ ــــ ــــــ ــــــــ ــــــ ــــــ ــــ ــــــــ ــــــ ــــــــ ــــ ــــ ــــــ ــــــــ ــــــ ــــــ ــــ ــــــــ ــــــ ــــــــ ــــ ــــ ــــــ ــــــــ ــــــ ــــــ ــــ ــــــــ ــــــ ــــــــ ــــ ــــ ــــــ ــــــــ ــــــ ــــــ ــــ ــــــــ ــــــ ــــــــ ــــ ــــ ــــــ ــــــــ ــــــ ــــــ ــــ ــــــــ ــــــ ــــــــ ــــ ــــ ــــــ ــــــــ ــــــ ــــــ ــــ ــــــــ ــــــ ــــــــ ــــ ــــ ــــــ ــــــــ ــــــ ــــــ ــــ ــــــــ ــــــ ــــــــ ــــ ــــ ــــــ ــــــــ ــــــ ــــــ ــــ ــــــــ ــــــ ــــــــ ــــ ــــ ــــــ ــــــــ ــــــ ــــــ ــــ ــــــــ ــــــ ــــــــ ــــ ــــ ــــــ ــــــــ ــــــ ــــــ ــــ ــــــــ ــــــ ــــــــ ــــ ــــ ــــــ ــــــــ ــــــ ــــــ ــــ ــــــــ ــــــ ــــــــ ــــ ــــ ــــــ ــــــــ ــــــ ــــــ ــــ ــــــــ ــــــ ــــــــ ــــ ــــ ــــــ ــــــــ ــــــ ــــــ ــــ ــــــــ ــــــ ــــــــ ــــ ــــ ــــــ ــــــــ ــــــ ــــــ ــــ ــــــــ ــــــ ــــــــ ــــ ــــ ــــــ ــــــــ ــــــ ــــــ ــــ ــــــــ ــــــ ــــــــ ــــ ــــ ــــــ ــــــــ ــــــ ــــــ ــــ ــــــــ ــــــ ــــــــ ــــ ــــ ــــــ ــــــــ ــــــ ــــــ ــــ ــــــــ ــــــ ــــــــ ــــ ــــ ــــــ ــــــــ ــــــ ــــــ ــــ ــــــــ ــــــ ــــــــ ــــ ــــ ــــــ ــــــــ ــــــ ــــــ ــــ ــــــــ ــــــ ــــــــ ــــ ــــ ــــــ ــــــــ ــــــ ــــــ ــــ ــــــــ ــــــ ــــــــ ــــ ــــ ــــــ ــــــــ ــــــ ــــــ ــــ ــــــــ ــــــ ــــــــ ــــ ــــ ــــــ ــــــــ ــــــ ــــــ ــــ ــــــــ ــــــ ــــــــ ــــ ــــ ــــــ ــــــــ ــــــ ــــــ ــــ ــــــــ ــــــ ــــــــ ــــ ــــ ــــــ ــــــــ ــــــ ــــــ ــــ ــــــــ ــــــ ــــــــ ــــ ــــ ــــــ ــــــــ ــــــ ــــــ ــــ ــــــــ ــــــ ــــــــ ــــ ــــ ــــــ ــــــــ ــــــ ــــــ ــــ ــــــــ ــــــ ــــــــ ــــ ــــ ــــــ ــــــــ ــــــ ــــــ ــــ ــــــــ ــــــ ــــــــ ــــ ــــ ــــــ ــــــــ ــــــ ــــــ ــــ ــــــــ ــــــ ــــــــ ــــ ــــ ــــــ ــــــــ ــــــ ــــــ ــــ ــــــــ ــــــ ــــــــ ــــ ــــ ــــــ ــــــــ ــــــ ــــــ ــــ ــــــــ ــــــ ــــــــ ــــ ــــ ــــــ ــــــــ ــــــ ــــــ ــــ ــــــــ ــــــ ــــــــ ــــ ــــ ــــــ ــــــــ ــــــ ــــــ ــــ ــــــــ ــــــ ــــــــ ــــ ــــ ــــــ ــــــــ ــــــ ــــــ ــــ ــــــــ ــــــ ــــــــ ــــ ــــ ــــــ ــــــــ ــــــ ــــــ ــــ ــــــــ ــــــ ــــــــ ــــ ــــ ــــــ ــــــــ ــــــ ــــــ ــــ ــــــــ ــــــ ــــــــ ــــ ــــ ــــــ ــــــــ ــــــ ــــــ ــــ ــــــــ ــــــ ــــــــ ــــ ــــ ــــــ ــــــــ ــــــ ــــــ ــــ ــــــــ ــــــ ــــــــ ــــ ــــ ــــــ ــــــــ ــــــ ــــــ ــــ ــــــــ ــــــ ــــــــ ــــ ــــ ــــــ ــــــــ ــــــ ــــــ ــــ ــــــــ ــــــ ــــــــ ــــ ــــ ــــــ ــــــــ ــــــ ــــــ ــــ ــــــــ ــــــ ــــــــ ــــ ــــ ــــــ ــــــــ ــــــ ــــــ ــــ ــــــــ ــــــ ــــــــ ــــ ــــ ــــــ ــــــــ ــــــ ــــــ ــــ ــــــــ ــــــ ــــــــ ــــ ــــ ــــــ ــــــــ ــــــ ــــــ ــــ ــــــــ ــــــ ــــــــ ــــ ــــ ــــــ ــــــــ ــــــ ــــــ ــــ ــــــــ ــــــ ــــــــ ــــ ــــ ــــــ ــــــــ ــــــ ــــــ ــــ ــــــــ ــــــ ــــــــ ــــ ــــ ــــــ ــــــــ ــــــ ــــــ ــــ ــــــــ ــــــ ــــــــ ــــ ــــ ــــــ ــــــــ ــــــ ــــــ ــــ ــــــــ ــــــ ــــــــ ــــ ــــ ــــــ ــــــــ ــــــ ــــــ ــــ ــــــــ ــــــ ــــــــ ــــ ــــ ــــــ ــــــــ ــــــ ــــــ ــــ ــــــــ ــــــ ــــــــ ــــ ــــ ــــــ ــــــــ ــــــ ــــــ ــــ ــــــــ ــــــ ــــــــ ــــ ــــ ــــــ ــــــــ ــــــ ــــــ ــــ ــــــــ ــــــ ــــــــ ــــ ــــ ــــــ ــــــــ ــــــ ــــــ ــــ ــــــــ ــــــ ــــــــ ــــ ــــ ــــــ ــــــــ ــــــ ــــــ ــــ ــــــــ ــــــ ــــــــ ــــ ــــ ــــــ ــــــــ ــــــ ــــــ ــــ ــــــــ ــــــ ــــــــ ــــ ــــ ــــــ ــــــــ ــــــ ــــــ ــــ ــــــــ ــــــ ــــــــ ــــ ــــ ــــــ ــــــــ ــــــ ــــــ ــــ ــــــــ ــــــ ــــــــ ــــ ــــ ــــــ ــــــــ ــــــ ــــــ ــــ ــــــــ ــــــ ــــــــ ــــ ــــ ــــــ ــــــــ ــــــ ــــــ ــــ ــــــــ ــــــ ــــــــ ــــ
ــــ ــــــ ــــــــ ــــــ ــــــ ــــ ــــــــ ــــــ ــــــــ ــــ ــــ ــــــ ــــــــ ــــــ ــــــ ــــ ــــــــ ــــــ ــــــــ ــــ ــــ ــــــ ــــــــ ــــــ ــــــ ــــ ــــــــ ــــــ ــــــــ ــــ ــــ ــــــ ــــــــ ــــــ ــــــ ــــ ــــــــ ــــــ ــــــــ ــــ ــــ ــــــ ــــــــ ــــــ ــــــ ــــ ــــــــ ــــــ ــــــــ ــــ ــــ ــــــ ــــــــ ــــــ ــــــ ــــ ــــــــ ــــــ ــــــــ ــــ ــــ ــــــ ــــــــ ــــــ ــــــ ــــ ــــــــ ــــــ ــــــــ ــــ ــــ ــــــ ــــــــ ــــــ ــــــ ــــ ــــــــ ــــــ ــــــــ ــــ ــــ ــــــ ــــــــ ــــــ ــــــ ــــ ــــــــ ــــــ ــــــــ ــــ ــــ ــــــ ــــــــ ــــــ ــــــ ــــ ــــــــ ــــــ ــــــــ ــــ ــــ ــــــ ــــــــ ــــــ ــــــ ــــ ــــــــ ــــــ ــــــــ ــــ ــــ ــــــ ــــــــ ــــــ ــــــ ــــ ــــــــ ــــــ ــــــــ ــــ ــــ ــــــ ــــــــ ــــــ ــــــ ــــ ــــــــ ــــــ ــــــــ ــــ ــــ ــــــ ــــــــ ــــــ ــــــ ــــ ــــــــ ــــــ ــــــــ ــــ ــــ ــــــ ــــــــ ــــــ ــــــ ــــ ــــــــ ــــــ ــــــــ ــــ ــــ ــــــ ــــــــ ــــــ ــــــ ــــ ــــــــ ــــــ ــــــــ ــــ ــــ ــــــ ــــــــ ــــــ ــــــ ــــ ــــــــ ــــــ ــــــــ ــــ ــــ ــــــ ــــــــ ــــــ ــــــ ــــ ــــــــ ــــــ ــــــــ ــــ ــــ ــــــ ــــــــ ــــــ ــــــ ــــ ــــــــ ــــــ ــــــــ ــــ ــــ ــــــ ــــــــ ــــــ ــــــ ــــ ــــــــ ــــــ ــــــــ ــــ ــــ ــــــ ــــــــ ــــــ ــــــ ــــ ــــــــ ــــــ ــــــــ ــــ ــــ ــــــ ــــــــ ــــــ ــــــ ــــ ــــــــ ــــــ ــــــــ ــــ ــــ ــــــ ــــــــ ــــــ ــــــ ــــ ــــــــ ــــــ ــــــــ ــــ ــــ ــــــ ــــــــ ــــــ ــــــ ــــ ــــــــ ــــــ ــــــــ ــــ ــــ ــــــ ــــــــ ــــــ ــــــ ــــ ــــــــ ــــــ ــــــــ ــــ ــــ ــــــ ــــــــ ــــــ ــــــ ــــ ــــــــ ــــــ ــــــــ ــــ ــــ ــــــ ــــــــ ــــــ ــــــ ــــ ــــــــ ــــــ ــــــــ ــــ ــــ ــــــ ــــــــ ــــــ ــــــ ــــ ــــــــ ــــــ ــــــــ ــــ ــــ ــــــ ــــــــ ــــــ ــــــ ــــ ــــــــ ــــــ ــــــــ ــــ ــــ ــــــ ــــــــ ــــــ ــــــ ــــ ــــــــ ــــــ ــــــــ ــــ ــــ ــــــ ــــــــ ــــــ ــــــ ــــ ــــــــ ــــــ ــــــــ ــــ ــــ ــــــ ــــــــ ــــــ ــــــ ــــ ــــــــ ــــــ ــــــــ ــــ ــــ ــــــ ــــــــ ــــــ ــــــ ــــ ــــــــ ــــــ ــــــــ ــــ ــــ ــــــ ــــــــ ــــــ ــــــ ــــ ــــــــ ــــــ ــــــــ ــــ ــــ ــــــ ــــــــ ــــــ ــــــ ــــ ــــــــ ــــــ ــــــــ ــــ ــــ ــــــ ــــــــ ــــــ ــــــ ــــ ــــــــ ــــــ ــــــــ ــــ ــــ ــــــ ــــــــ ــــــ ــــــ ــــ ــــــــ ــــــ ــــــــ ــــ ــــ ــــــ ــــــــ ــــــ ــــــ ــــ ــــــــ ــــــ ــــــــ ــــ ــــ ــــــ ــــــــ ــــــ ــــــ ــــ ــــــــ ــــــ ــــــــ ــــ ــــ ــــــ ــــــــ ــــــ ــــــ ــــ ــــــــ ــــــ ــــــــ ــــ ــــ ــــــ ــــــــ ــــــ ــــــ ــــ ــــــــ ــــــ ــــــــ ــــ ــــ ــــــ ــــــــ ــــــ ــــــ ــــ ــــــــ ــــــ ــــــــ ــــ ــــ ــــــ ــــــــ ــــــ ــــــ ــــ ــــــــ ــــــ ــــــــ ــــ ــــ ــــــ ــــــــ ــــــ ــــــ ــــ ــــــــ ــــــ ــــــــ ــــ ــــ ــــــ ــــــــ ــــــ ــــــ ــــ ــــــــ ــــــ ــــــــ ــــ ــــ ــــــ ــــــــ ــــــ ــــــ ــــ ــــــــ ــــــ ــــــــ ــــ ــــ ــــــ ــــــــ ــــــ ــــــ ــــ ــــــــ ــــــ ــــــــ ــــ ــــ ــــــ ــــــــ ــــــ ــــــ ــــ ــــــــ ــــــ ــــــــ ــــ ــــ ــــــ ــــــــ ــــــ ــــــ ــــ ــــــــ ــــــ ــــــــ ــــ ــــ ــــــ ــــــــ ــــــ ــــــ ــــ ــــــــ ــــــ ــــــــ ــــ ــــ ــــــ ــــــــ ــــــ ــــــ ــــ ــــــــ ــــــ ــــــــ ــــ ــــ ــــــ ــــــــ ــــــ ــــــ ــــ ــــــــ ــــــ ــــــــ ــــ ــــ ــــــ ــــــــ ــــــ ــــــ ــــ ــــــــ ــــــ ــــــــ ــــ ــــ ــــــ ــــــــ ــــــ ــــــ ــــ ــــــــ ــــــ ــــــــ ــــ ــــ ــــــ ــــــــ ــــــ ــــــ ــــ ــــــــ ــــــ ــــــــ ــــ ــــ ــــــ ــــــــ ــــــ ــــــ ــــ ــــــــ ــــــ ــــــــ ــــ ــــ ــــــ ــــــــ ــــــ ــــــ ــــ ــــــــ ــــــ ــــــــ ــــ ــــ ــــــ ــــــــ ــــــ ــــــ ــــ ــــــــ ــــــ ــــــــ ــــ ــــ ــــــ ــــــــ ــــــ ــــــ ــــ ــــــــ ــــــ ــــــــ ــــ ــــ ــــــ ــــــــ ــــــ ــــــ ــــ ــــــــ ــــــ ــــــــ ــــ ــــ ــــــ ــــــــ ــــــ ــــــ ــــ ــــــــ ــــــ ــــــــ ــــ ــــ ــــــ ــــــــ ــــــ ــــــ ــــ ــــــــ ــــــ ــــــــ ــــ ــــ ــــــ ــــــــ ــــــ ــــــ ــــ ــــــــ ــــــ ــــــــ ــــ ــــ ــــــ ــــــــ ــــــ ــــــ ــــ ــــــــ ــــــ ــــــــ ــــ ــــ ــــــ ــــــــ ــــــ ــــــ ــــ ــــــــ ــــــ ــــــــ ــــ ــــ ــــــ ــــــــ ــــــ ــــــ ــــ ــــــــ ــــــ ــــــــ ــــ ــــ ــــــ ــــــــ ــــــ ــــــ ــــ ــــــــ ــــــ ــــــــ ــــ ــــ ــــــ ــــــــ ــــــ ــــــ ــــ ــــــــ ــــــ ــــــــ ــــ ــــ ــــــ ــــــــ ــــــ ــــــ ــــ ــــــــ ــــــ ــــــــ ــــ ــــ ــــــ ــــــــ ــــــ ــــــ ــــ ــــــــ ــــــ ــــــــ ــــ
ــــ ــــــ ــــــــ ــــــ ــــــ ــــ ــــــــ ــــــ ــــــــ ــــ ــــ ــــــ ــــــــ ــــــ ــــــ ــــ ــــــــ ــــــ ــــــــ ــــ ــــ ــــــ ــــــــ ــــــ ــــــ ــــ ــــــــ ــــــ ــــــــ ــــ ــــ ــــــ ــــــــ ــــــ ــــــ ــــ ــــــــ ــــــ ــــــــ ــــ ــــ ــــــ ــــــــ ــــــ ــــــ ــــ ــــــــ ــــــ ــــــــ ــــ ــــ ــــــ ــــــــ ــــــ ــــــ ــــ ــــــــ ــــــ ــــــــ ــــ ــــ ــــــ ــــــــ ــــــ ــــــ ــــ ــــــــ ــــــ ــــــــ ــــ ــــ ــــــ ــــــــ ــــــ ــــــ ــــ ــــــــ ــــــ ــــــــ ــــ ــــ ــــــ ــــــــ ــــــ ــــــ ــــ ــــــــ ــــــ ــــــــ ــــ ــــ ــــــ ــــــــ ــــــ ــــــ ــــ ــــــــ ــــــ ــــــــ ــــ ــــ ــــــ ــــــــ ــــــ ــــــ ــــ ــــــــ ــــــ ــــــــ ــــ ــــ ــــــ ــــــــ ــــــ ــــــ ــــ ــــــــ ــــــ ــــــــ ــــ ــــ ــــــ ــــــــ ــــــ ــــــ ــــ ــــــــ ــــــ ــــــــ ــــ ــــ ــــــ ــــــــ ــــــ ــــــ ــــ ــــــــ ــــــ ــــــــ ــــ ــــ ــــــ ــــــــ ــــــ ــــــ ــــ ــــــــ ــــــ ــــــــ ــــ ــــ ــــــ ــــــــ ــــــ ــــــ ــــ ــــــــ ــــــ ــــــــ ــــ ــــ ــــــ ــــــــ ــــــ ــــــ ــــ ــــــــ ــــــ ــــــــ ــــ ــــ ــــــ ــــــــ ــــــ ــــــ ــــ ــــــــ ــــــ ــــــــ ــــ ــــ ــــــ ــــــــ ــــــ ــــــ ــــ ــــــــ ــــــ ــــــــ ــــ ــــ ــــــ ــــــــ ــــــ ــــــ ــــ ــــــــ ــــــ ــــــــ ــــ ــــ ــــــ ــــــــ ــــــ ــــــ ــــ ــــــــ ــــــ ــــــــ ــــ ــــ ــــــ ــــــــ ــــــ ــــــ ــــ ــــــــ ــــــ ــــــــ ــــ ــــ ــــــ ــــــــ ــــــ ــــــ ــــ ــــــــ ــــــ ــــــــ ــــ ــــ ــــــ ــــــــ ــــــ ــــــ ــــ ــــــــ ــــــ ــــــــ ــــ ــــ ــــــ ــــــــ ــــــ ــــــ ــــ ــــــــ ــــــ ــــــــ ــــ ــــ ــــــ ــــــــ ــــــ ــــــ ــــ ــــــــ ــــــ ــــــــ ــــ ــــ ــــــ ــــــــ ــــــ ــــــ ــــ ــــــــ ــــــ ــــــــ ــــ ــــ ــــــ ــــــــ ــــــ ــــــ ــــ ــــــــ ــــــ ــــــــ ــــ ــــ ــــــ ــــــــ ــــــ ــــــ ــــ ــــــــ ــــــ ــــــــ ــــ ــــ ــــــ ــــــــ ــــــ ــــــ ــــ ــــــــ ــــــ ــــــــ ــــ ــــ ــــــ ــــــــ ــــــ ــــــ ــــ ــــــــ ــــــ ــــــــ ــــ ــــ ــــــ ــــــــ ــــــ ــــــ ــــ ــــــــ ــــــ ــــــــ ــــ ــــ ــــــ ــــــــ ــــــ ــــــ ــــ ــــــــ ــــــ ــــــــ ــــ ــــ ــــــ ــــــــ ــــــ ــــــ ــــ ــــــــ ــــــ ــــــــ ــــ ــــ ــــــ ــــــــ ــــــ ــــــ ــــ ــــــــ ــــــ ــــــــ ــــ ــــ ــــــ ــــــــ ــــــ ــــــ ــــ ــــــــ ــــــ ــــــــ ــــ ــــ ــــــ ــــــــ ــــــ ــــــ ــــ ــــــــ ــــــ ــــــــ ــــ ــــ ــــــ ــــــــ ــــــ ــــــ ــــ ــــــــ ــــــ ــــــــ ــــ ــــ ــــــ ــــــــ ــــــ ــــــ ــــ ــــــــ ــــــ ــــــــ ــــ ــــ ــــــ ــــــــ ــــــ ــــــ ــــ ــــــــ ــــــ ــــــــ ــــ ــــ ــــــ ــــــــ ــــــ ــــــ ــــ ــــــــ ــــــ ــــــــ ــــ ــــ ــــــ ــــــــ ــــــ ــــــ ــــ ــــــــ ــــــ ــــــــ ــــ ــــ ــــــ ــــــــ ــــــ ــــــ ــــ ــــــــ ــــــ ــــــــ ــــ ــــ ــــــ ــــــــ ــــــ ــــــ ــــ ــــــــ ــــــ ــــــــ ــــ ــــ ــــــ ــــــــ ــــــ ــــــ ــــ ــــــــ ــــــ ــــــــ ــــ ــــ ــــــ ــــــــ ــــــ ــــــ ــــ ــــــــ ــــــ ــــــــ ــــ ــــ ــــــ ــــــــ ــــــ ــــــ ــــ ــــــــ ــــــ ــــــــ ــــ ــــ ــــــ ــــــــ ــــــ ــــــ ــــ ــــــــ ــــــ ــــــــ ــــ ــــ ــــــ ــــــــ ــــــ ــــــ ــــ ــــــــ ــــــ ــــــــ ــــ ــــ ــــــ ــــــــ ــــــ ــــــ ــــ ــــــــ ــــــ ــــــــ ــــ ــــ ــــــ ــــــــ ــــــ ــــــ ــــ ــــــــ ــــــ ــــــــ ــــ ــــ ــــــ ــــــــ ــــــ ــــــ ــــ ــــــــ ــــــ ــــــــ ــــ ــــ ــــــ ــــــــ ــــــ ــــــ ــــ ــــــــ ــــــ ــــــــ ــــ ــــ ــــــ ــــــــ ــــــ ــــــ ــــ ــــــــ ــــــ ــــــــ ــــ ــــ ــــــ ــــــــ ــــــ ــــــ ــــ ــــــــ ــــــ ــــــــ ــــ ــــ ــــــ ــــــــ ــــــ ــــــ ــــ ــــــــ ــــــ ــــــــ ــــ ــــ ــــــ ــــــــ ــــــ ــــــ ــــ ــــــــ ــــــ ــــــــ ــــ ــــ ــــــ ــــــــ ــــــ ــــــ ــــ ــــــــ ــــــ ــــــــ ــــ ــــ ــــــ ــــــــ ــــــ ــــــ ــــ ــــــــ ــــــ ــــــــ ــــ ــــ ــــــ ــــــــ ــــــ ــــــ ــــ ــــــــ ــــــ ــــــــ ــــ ــــ ــــــ ــــــــ ــــــ ــــــ ــــ ــــــــ ــــــ ــــــــ ــــ ــــ ــــــ ــــــــ ــــــ ــــــ ــــ ــــــــ ــــــ ــــــــ ــــ ــــ ــــــ ــــــــ ــــــ ــــــ ــــ ــــــــ ــــــ ــــــــ ــــ ــــ ــــــ ــــــــ ــــــ ــــــ ــــ ــــــــ ــــــ ــــــــ ــــ ــــ ــــــ ــــــــ ــــــ ــــــ ــــ ــــــــ ــــــ ــــــــ ــــ ــــ ــــــ ــــــــ ــــــ ــــــ ــــ ــــــــ ــــــ ــــــــ ــــ ــــ ــــــ ــــــــ ــــــ ــــــ ــــ ــــــــ ــــــ ــــــــ ــــ ــــ ــــــ ــــــــ ــــــ ــــــ ــــ ــــــــ ــــــ ــــــــ ــــ ــــ ــــــ ــــــــ ــــــ ــــــ ــــ ــــــــ ــــــ ــــــــ ــــ ــــ ــــــ ــــــــ ــــــ ــــــ ــــ ــــــــ ــــــ ــــــــ ــــ
